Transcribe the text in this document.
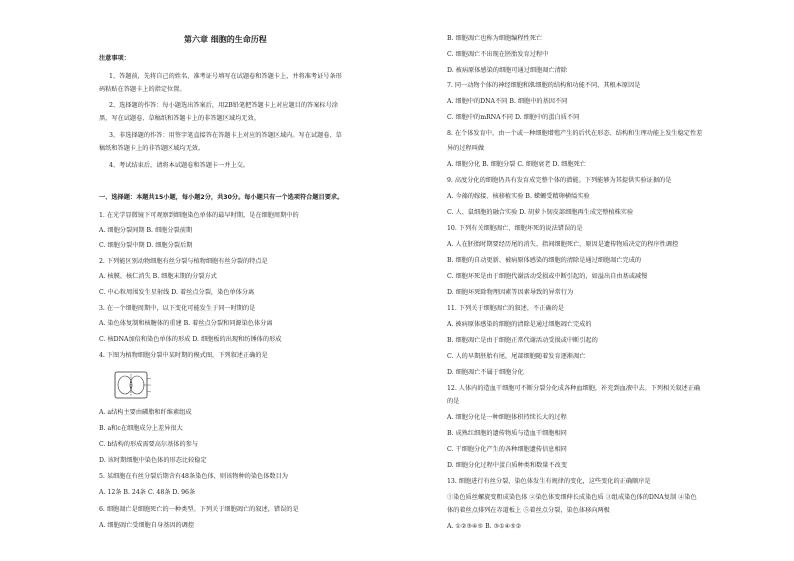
第六章 细胞的生命历程
注意事项：
1、答题前，先将自己的姓名、准考证号填写在试题卷和答题卡上，并将准考证号条形
码粘贴在答题卡上的指定位置。
2、选择题的作答：每小题选出答案后，用2B铅笔把答题卡上对应题目的答案标号涂
黑，写在试题卷、草稿纸和答题卡上的非答题区域均无效。
3、非选择题的作答：用签字笔直接答在答题卡上对应的答题区域内。写在试题卷、草
稿纸和答题卡上的非答题区域均无效。
4、考试结束后，请将本试题卷和答题卡一并上交。
一、选择题：本题共15小题，每小题2分，共30分。每小题只有一个选项符合题目要求。
1. 在光学显微镜下可观察到细胞染色单体的最早时期，是在细胞周期中的
A. 细胞分裂间期 B. 细胞分裂前期
C. 细胞分裂中期 D. 细胞分裂后期
2. 下列能区别动物细胞有丝分裂与植物细胞有丝分裂的特点是
A. 核膜、核仁消失 B. 细胞末期的分裂方式
C. 中心粒周围发生星射线 D. 着丝点分裂，染色单体分离
3. 在一个细胞周期中，以下变化可能发生于同一时期的是
A. 染色体复制和核糖体的重建 B. 着丝点分裂和同源染色体分离
C. 核DNA加倍和染色单体的形成 D. 细胞板的出现和纺锤体的形成
4. 下图为植物细胞分裂中某时期的模式图，下列叙述正确的是
A. a结构主要由磷脂和纤维素组成
B. a和c在细胞成分上差异很大
C. b结构的形成需要高尔基体的参与
D. 该时期细胞中染色体的形态比较稳定
5. 某细胞在有丝分裂后期含有48条染色体，则该物种的染色体数目为
A. 12条 B. 24条 C. 48条 D. 96条
6. 细胞凋亡是细胞死亡的一种类型。下列关于细胞凋亡的叙述，错误的是
A. 细胞凋亡受细胞自身基因的调控
B. 细胞凋亡也称为细胞编程性死亡
C. 细胞凋亡不出现在胚胎发育过程中
D. 被病原体感染的细胞可通过细胞凋亡清除
7. 同一动物个体的神经细胞和肌细胞的结构和功能不同，其根本原因是
A. 细胞中的DNA不同 B. 细胞中的基因不同
C. 细胞中的mRNA不同 D. 细胞中的蛋白质不同
8. 在个体发育中，由一个或一种细胞增殖产生的后代在形态、结构和生理功能上发生稳定性差
异的过程叫做
A. 细胞分化 B. 细胞分裂 C. 细胞衰老 D. 细胞死亡
9. 高度分化的细胞仍具有发育成完整个体的潜能。下列能够为其提供实验证据的是
A. 今藻的嫁接、核移植实验 B. 蝾螈受精卵横缢实验
C. 人、鼠细胞的融合实验 D. 胡萝卜韧皮部细胞再生成完整植株实验
10. 下列有关细胞凋亡、细胞坏死的说法错误的是
A. 人在胚胎时期要经历尾的消失、指间细胞死亡，原因是遗传物质决定的程序性调控
B. 细胞的自动更新、被病原体感染的细胞的清除是通过细胞凋亡完成的
C. 细胞坏死是由于细胞代谢活动受损或中断引起的，如溢出自由基或减慢
D. 细胞坏死除物理因素等因素导致的异常行为
11. 下列关于细胞凋亡的叙述，不正确的是
A. 被病原体感染的细胞的清除是通过细胞凋亡完成的
B. 细胞凋亡是由于细胞正常代谢活动受损或中断引起的
C. 人的早期胚胎有尾，尾部细胞随着发育逐渐凋亡
D. 细胞凋亡不属于细胞分化
12. 人体内的造血干细胞可不断分裂分化成各种血细胞，补充到血液中去。下列相关叙述正确
的是
A. 细胞分化是一种细胞体积持续长大的过程
B. 成熟红细胞的遗传物质与造血干细胞相同
C. 干细胞分化产生的各种细胞遗传信息相同
D. 细胞分化过程中蛋白质种类和数量不改变
13. 细胞进行有丝分裂，染色体发生有规律的变化，这些变化的正确顺序是
①染色质丝螺旋变粗成染色体 ②染色体变细伸长成染色质 ③组成染色体的DNA复制 ④染色
体的着丝点排列在赤道板上 ⑤着丝点分裂，染色体移向两极
A. ①②③④⑤ B. ③①④⑤②
